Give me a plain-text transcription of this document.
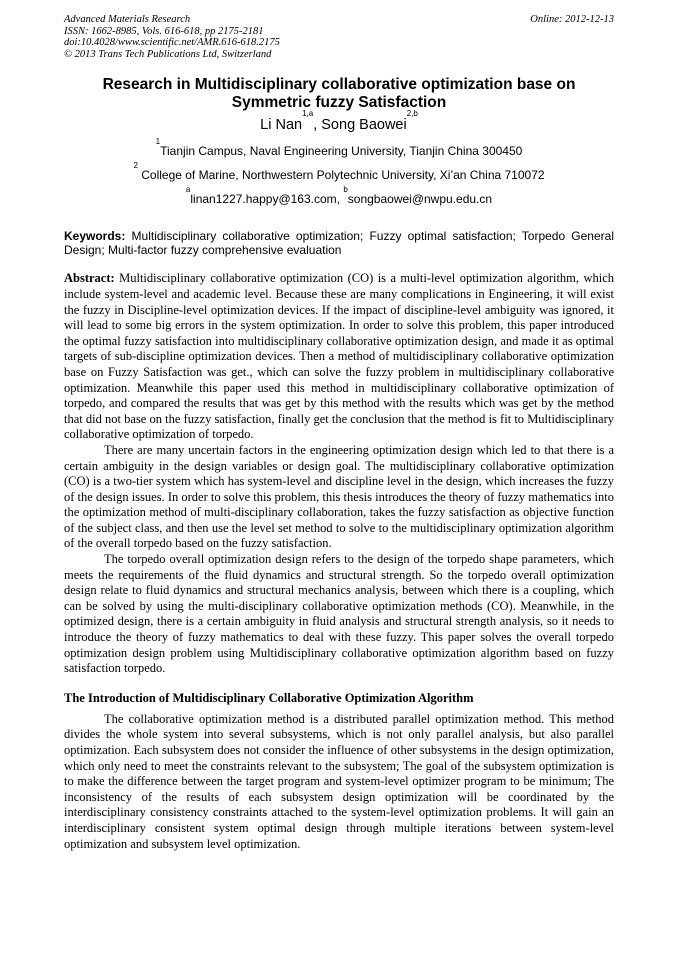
Advanced Materials Research
ISSN: 1662-8985, Vols. 616-618, pp 2175-2181
doi:10.4028/www.scientific.net/AMR.616-618.2175
© 2013 Trans Tech Publications Ltd, Switzerland
Online: 2012-12-13
Research in Multidisciplinary collaborative optimization base on
Symmetric fuzzy Satisfaction
Li Nan$^{1,a}$, Song Baowei$^{2,b}$
$^1$Tianjin Campus, Naval Engineering University, Tianjin China 300450
$^2$ College of Marine, Northwestern Polytechnic University, Xi’an China 710072
$^a$linan1227.happy@163.com, $^b$songbaowei@nwpu.edu.cn
Keywords: Multidisciplinary collaborative optimization; Fuzzy optimal satisfaction; Torpedo General Design; Multi-factor fuzzy comprehensive evaluation
Abstract: Multidisciplinary collaborative optimization (CO) is a multi-level optimization algorithm, which include system-level and academic level. Because these are many complications in Engineering, it will exist the fuzzy in Discipline-level optimization devices. If the impact of discipline-level ambiguity was ignored, it will lead to some big errors in the system optimization. In order to solve this problem, this paper introduced the optimal fuzzy satisfaction into multidisciplinary collaborative optimization design, and made it as optimal targets of sub-discipline optimization devices. Then a method of multidisciplinary collaborative optimization base on Fuzzy Satisfaction was get., which can solve the fuzzy problem in multidisciplinary collaborative optimization. Meanwhile this paper used this method in multidisciplinary collaborative optimization of torpedo, and compared the results that was get by this method with the results which was get by the method that did not base on the fuzzy satisfaction, finally get the conclusion that the method is fit to Multidisciplinary collaborative optimization of torpedo.
There are many uncertain factors in the engineering optimization design which led to that there is a certain ambiguity in the design variables or design goal. The multidisciplinary collaborative optimization (CO) is a two-tier system which has system-level and discipline level in the design, which increases the fuzzy of the design issues. In order to solve this problem, this thesis introduces the theory of fuzzy mathematics into the optimization method of multi-disciplinary collaboration, takes the fuzzy satisfaction as objective function of the subject class, and then use the level set method to solve to the multidisciplinary optimization algorithm of the overall torpedo based on the fuzzy satisfaction.
The torpedo overall optimization design refers to the design of the torpedo shape parameters, which meets the requirements of the fluid dynamics and structural strength. So the torpedo overall optimization design relate to fluid dynamics and structural mechanics analysis, between which there is a coupling, which can be solved by using the multi-disciplinary collaborative optimization methods (CO). Meanwhile, in the optimized design, there is a certain ambiguity in fluid analysis and structural strength analysis, so it needs to introduce the theory of fuzzy mathematics to deal with these fuzzy. This paper solves the overall torpedo optimization design problem using Multidisciplinary collaborative optimization algorithm based on fuzzy satisfaction torpedo.
The Introduction of Multidisciplinary Collaborative Optimization Algorithm
The collaborative optimization method is a distributed parallel optimization method. This method divides the whole system into several subsystems, which is not only parallel analysis, but also parallel optimization. Each subsystem does not consider the influence of other subsystems in the design optimization, which only need to meet the constraints relevant to the subsystem; The goal of the subsystem optimization is to make the difference between the target program and system-level optimizer program to be minimum; The inconsistency of the results of each subsystem design optimization will be coordinated by the interdisciplinary consistency constraints attached to the system-level optimization problems. It will gain an interdisciplinary consistent system optimal design through multiple iterations between system-level optimization and subsystem level optimization.
